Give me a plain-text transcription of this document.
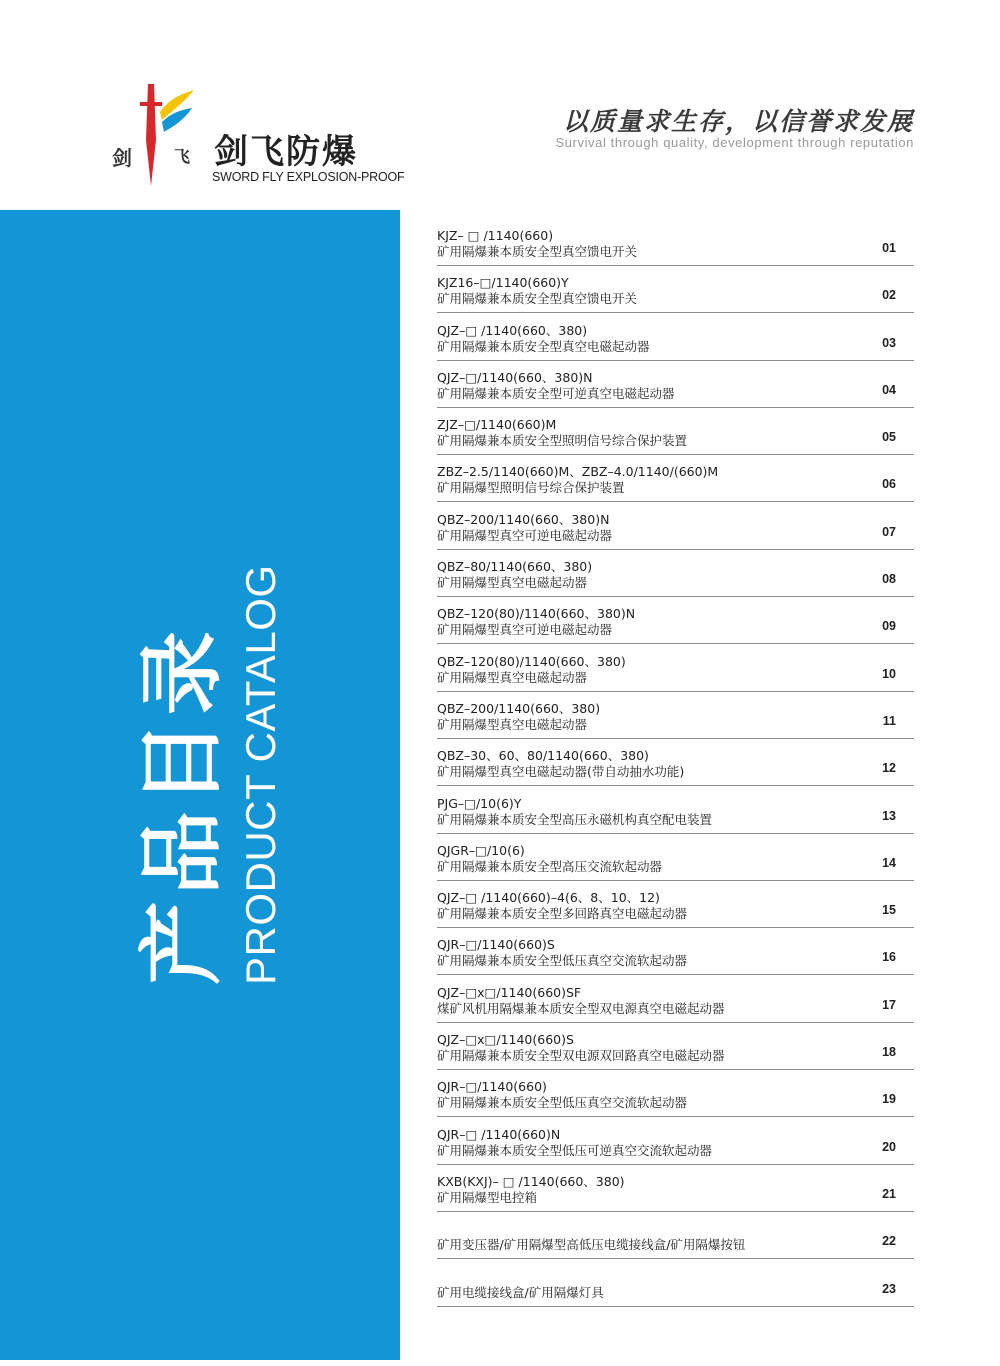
剑	飞 剑飞防爆
SWORD FLY EXPLOSION-PROOF
以质量求生存，以信誉求发展
Survival through quality, development through reputation
产品目录 PRODUCT CATALOG
KJZ– □ /1140(660)
矿用隔爆兼本质安全型真空馈电开关	01
KJZ16–□/1140(660)Y
矿用隔爆兼本质安全型真空馈电开关	02
QJZ–□ /1140(660、380)
矿用隔爆兼本质安全型真空电磁起动器	03
QJZ–□/1140(660、380)N
矿用隔爆兼本质安全型可逆真空电磁起动器	04
ZJZ–□/1140(660)M
矿用隔爆兼本质安全型照明信号综合保护装置	05
ZBZ–2.5/1140(660)M、ZBZ–4.0/1140/(660)M
矿用隔爆型照明信号综合保护装置	06
QBZ–200/1140(660、380)N
矿用隔爆型真空可逆电磁起动器	07
QBZ–80/1140(660、380)
矿用隔爆型真空电磁起动器	08
QBZ–120(80)/1140(660、380)N
矿用隔爆型真空可逆电磁起动器	09
QBZ–120(80)/1140(660、380)
矿用隔爆型真空电磁起动器	10
QBZ–200/1140(660、380)
矿用隔爆型真空电磁起动器	11
QBZ–30、60、80/1140(660、380)
矿用隔爆型真空电磁起动器(带自动抽水功能)	12
PJG–□/10(6)Y
矿用隔爆兼本质安全型高压永磁机构真空配电装置	13
QJGR–□/10(6)
矿用隔爆兼本质安全型高压交流软起动器	14
QJZ–□ /1140(660)–4(6、8、10、12)
矿用隔爆兼本质安全型多回路真空电磁起动器	15
QJR–□/1140(660)S
矿用隔爆兼本质安全型低压真空交流软起动器	16
QJZ–□x□/1140(660)SF
煤矿风机用隔爆兼本质安全型双电源真空电磁起动器	17
QJZ–□x□/1140(660)S
矿用隔爆兼本质安全型双电源双回路真空电磁起动器	18
QJR–□/1140(660)
矿用隔爆兼本质安全型低压真空交流软起动器	19
QJR–□ /1140(660)N
矿用隔爆兼本质安全型低压可逆真空交流软起动器	20
KXB(KXJ)– □ /1140(660、380)
矿用隔爆型电控箱	21
矿用变压器/矿用隔爆型高低压电缆接线盒/矿用隔爆按钮	22
矿用电缆接线盒/矿用隔爆灯具	23
